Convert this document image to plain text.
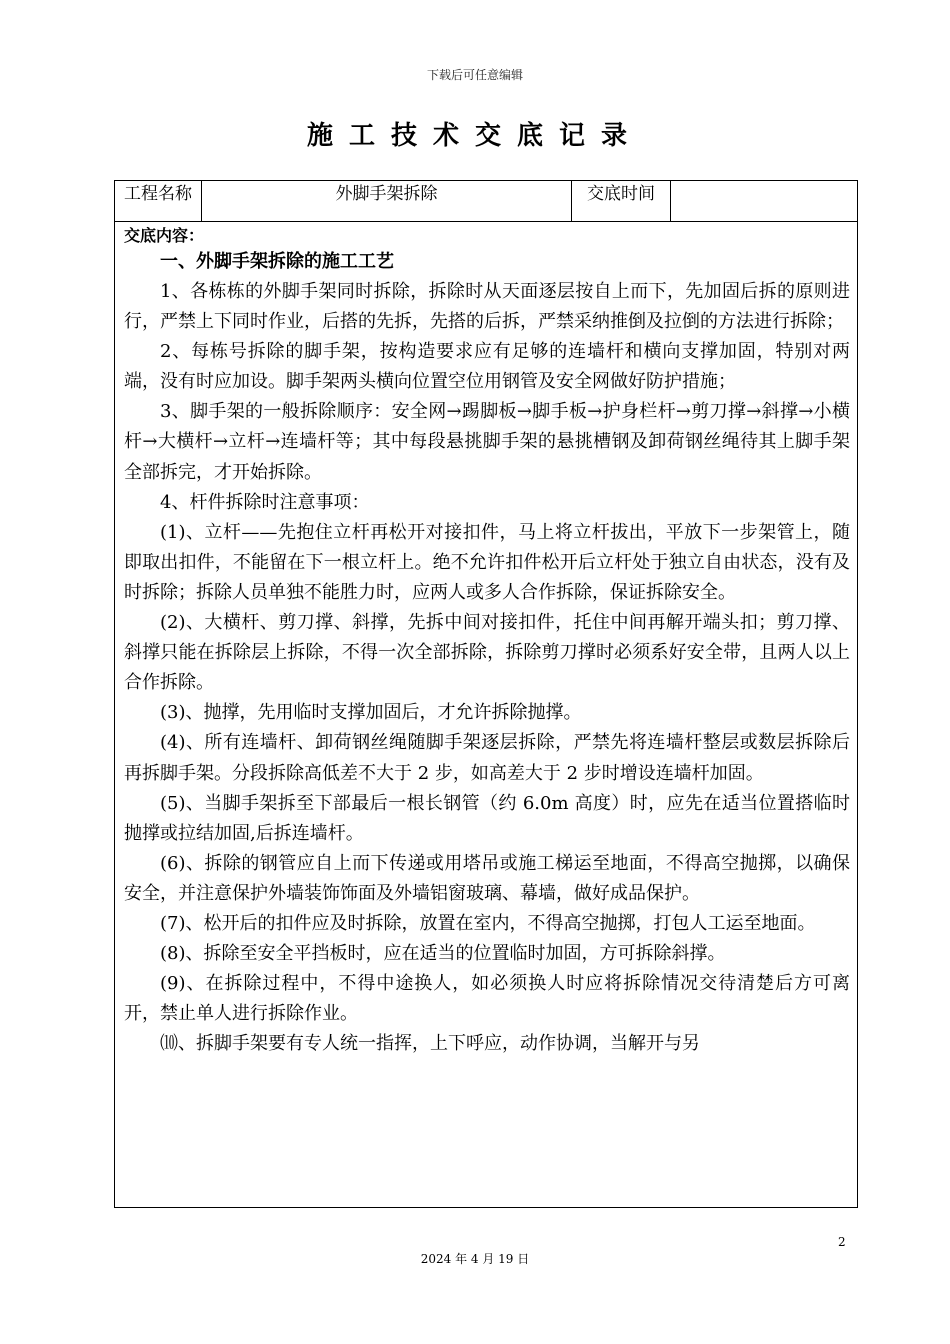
下载后可任意编辑
施工技术交底记录
工程名称	外脚手架拆除	交底时间
交底内容：
一、外脚手架拆除的施工工艺

1、各栋栋的外脚手架同时拆除，拆除时从天面逐层按自上而下，先加固后拆的原则进行，严禁上下同时作业，后搭的先拆，先搭的后拆，严禁采纳推倒及拉倒的方法进行拆除；

2、每栋号拆除的脚手架，按构造要求应有足够的连墙杆和横向支撑加固，特别对两端，没有时应加设。脚手架两头横向位置空位用钢管及安全网做好防护措施；

3、脚手架的一般拆除顺序：安全网→踢脚板→脚手板→护身栏杆→剪刀撑→斜撑→小横杆→大横杆→立杆→连墙杆等；其中每段悬挑脚手架的悬挑槽钢及卸荷钢丝绳待其上脚手架全部拆完，才开始拆除。

4、杆件拆除时注意事项：

(1)、立杆——先抱住立杆再松开对接扣件，马上将立杆拔出，平放下一步架管上，随即取出扣件，不能留在下一根立杆上。绝不允许扣件松开后立杆处于独立自由状态，没有及时拆除；拆除人员单独不能胜力时，应两人或多人合作拆除，保证拆除安全。

(2)、大横杆、剪刀撑、斜撑，先拆中间对接扣件，托住中间再解开端头扣；剪刀撑、斜撑只能在拆除层上拆除，不得一次全部拆除，拆除剪刀撑时必须系好安全带，且两人以上合作拆除。

(3)、抛撑，先用临时支撑加固后，才允许拆除抛撑。

(4)、所有连墙杆、卸荷钢丝绳随脚手架逐层拆除，严禁先将连墙杆整层或数层拆除后再拆脚手架。分段拆除高低差不大于 2 步，如高差大于 2 步时增设连墙杆加固。

(5)、当脚手架拆至下部最后一根长钢管（约 6.0m 高度）时，应先在适当位置搭临时抛撑或拉结加固,后拆连墙杆。

(6)、拆除的钢管应自上而下传递或用塔吊或施工梯运至地面，不得高空抛掷，以确保安全，并注意保护外墙装饰饰面及外墙铝窗玻璃、幕墙，做好成品保护。

(7)、松开后的扣件应及时拆除，放置在室内，不得高空抛掷，打包人工运至地面。

(8)、拆除至安全平挡板时，应在适当的位置临时加固，方可拆除斜撑。

(9)、在拆除过程中，不得中途换人，如必须换人时应将拆除情况交待清楚后方可离开，禁止单人进行拆除作业。

⑽、拆脚手架要有专人统一指挥，上下呼应，动作协调，当解开与另

2
2024 年 4 月 19 日
